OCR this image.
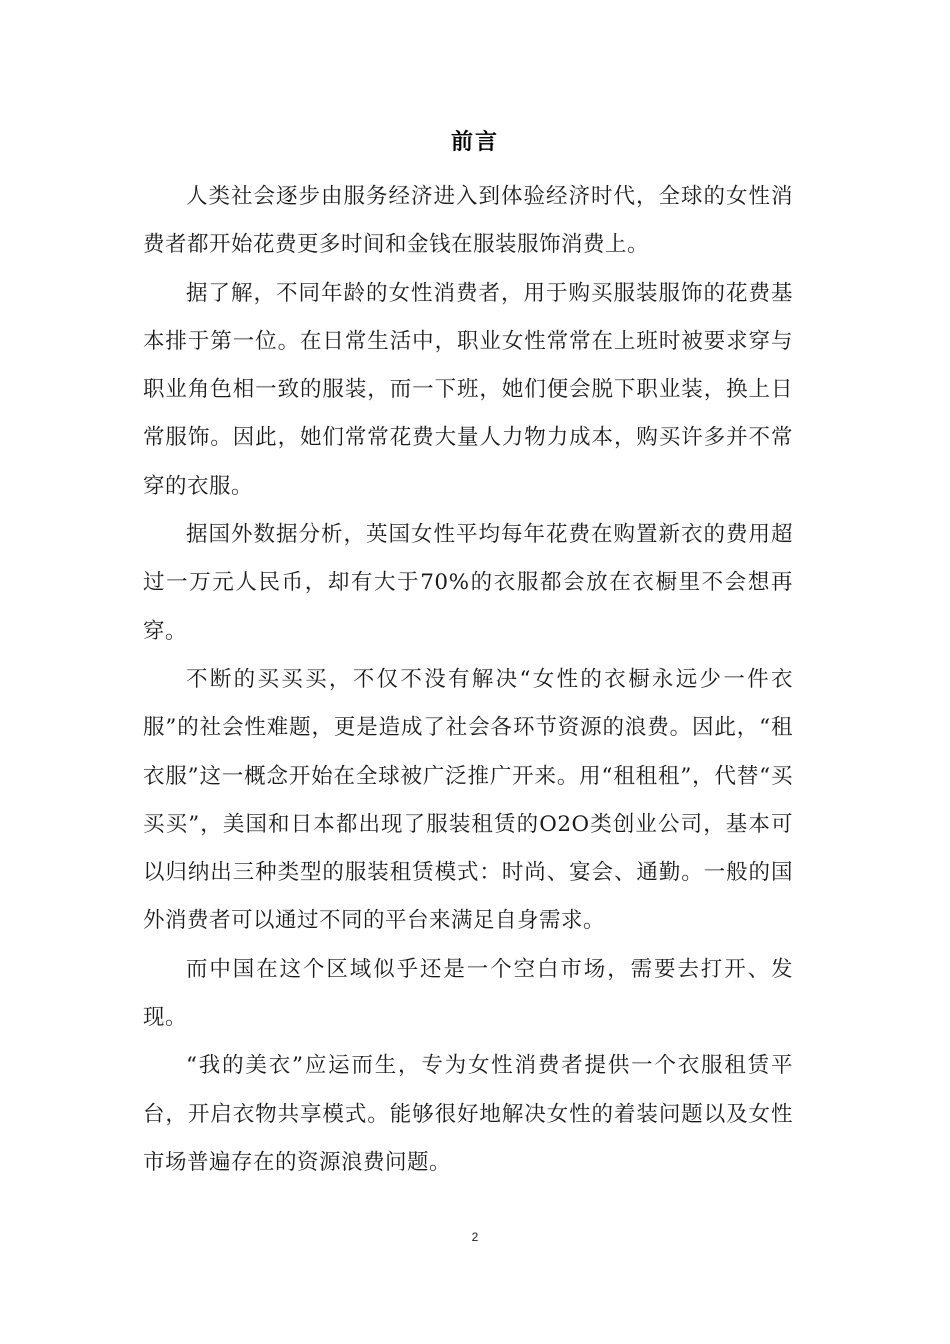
前言

人类社会逐步由服务经济进入到体验经济时代，全球的女性消费者都开始花费更多时间和金钱在服装服饰消费上。

据了解，不同年龄的女性消费者，用于购买服装服饰的花费基本排于第一位。在日常生活中，职业女性常常在上班时被要求穿与职业角色相一致的服装，而一下班，她们便会脱下职业装，换上日常服饰。因此，她们常常花费大量人力物力成本，购买许多并不常穿的衣服。

据国外数据分析，英国女性平均每年花费在购置新衣的费用超过一万元人民币，却有大于70%的衣服都会放在衣橱里不会想再穿。

不断的买买买，不仅不没有解决“女性的衣橱永远少一件衣服”的社会性难题，更是造成了社会各环节资源的浪费。因此，“租衣服”这一概念开始在全球被广泛推广开来。用“租租租”，代替“买买买”，美国和日本都出现了服装租赁的O2O类创业公司，基本可以归纳出三种类型的服装租赁模式：时尚、宴会、通勤。一般的国外消费者可以通过不同的平台来满足自身需求。

而中国在这个区域似乎还是一个空白市场，需要去打开、发现。

“我的美衣”应运而生，专为女性消费者提供一个衣服租赁平台，开启衣物共享模式。能够很好地解决女性的着装问题以及女性市场普遍存在的资源浪费问题。

2
